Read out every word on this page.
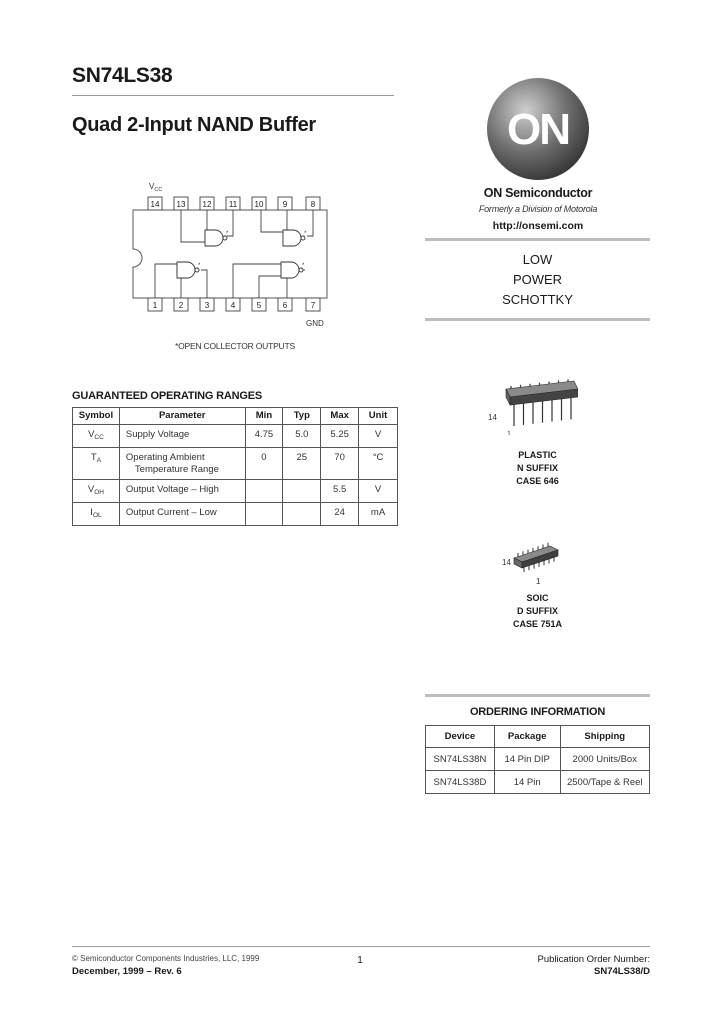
SN74LS38
Quad 2-Input NAND Buffer
$V_{CC}$
14 13 12 11 10 9	8
1	2	3	4	5	6	7
*	*
*	*
GND
*OPEN COLLECTOR OUTPUTS
GUARANTEED OPERATING RANGES
Symbol	Parameter	Min	Typ	Max	Unit
$V_{CC}$	Supply Voltage	4.75	5.0	5.25	V
$T_A$	Operating Ambient
Temperature Range	0	25	70	°C
$V_{OH}$	Output Voltage – High			5.5	V
$I_{OL}$	Output Current – Low			24	mA
ON
ON Semiconductor
Formerly a Division of Motorola
http://onsemi.com
LOW
POWER
SCHOTTKY
14
1
PLASTIC
N SUFFIX
CASE 646
14
1
SOIC
D SUFFIX
CASE 751A
ORDERING INFORMATION
Device	Package	Shipping
SN74LS38N	14 Pin DIP	2000 Units/Box
SN74LS38D	14 Pin	2500/Tape & Reel
© Semiconductor Components Industries, LLC, 1999
December, 1999 – Rev. 6
1	Publication Order Number:
SN74LS38/D
